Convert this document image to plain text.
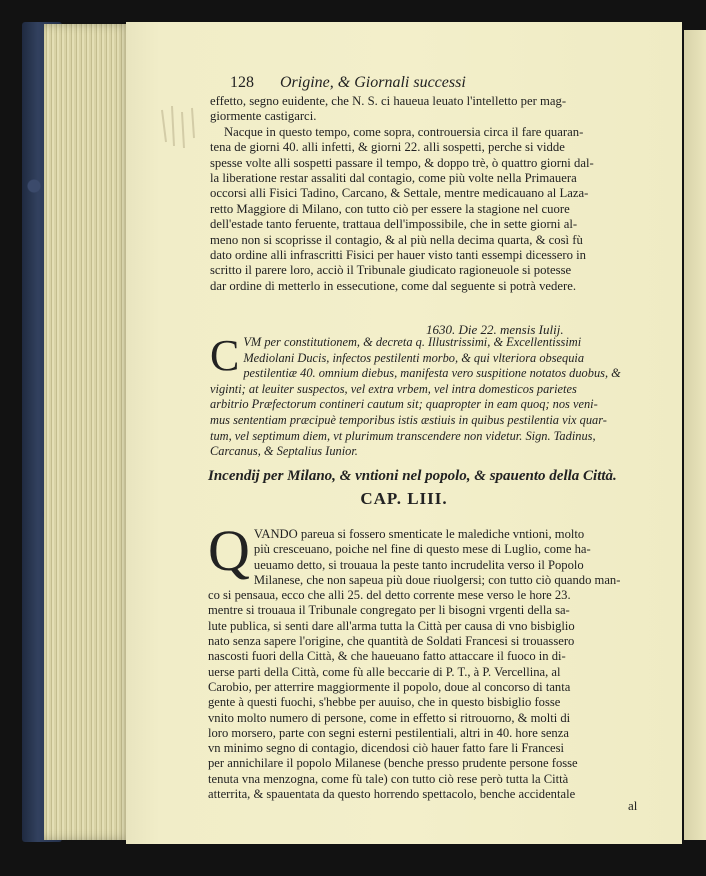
128 Origine, & Giornali successi
effetto, segno euidente, che N. S. ci haueua leuato l'intelletto per mag-
giormente castigarci.
Nacque in questo tempo, come sopra, controuersia circa il fare quaran-
tena de giorni 40. alli infetti, & giorni 22. alli sospetti, perche si vidde
spesse volte alli sospetti passare il tempo, & doppo trè, ò quattro giorni dal-
la liberatione restar assaliti dal contagio, come più volte nella Primauera
occorsi alli Fisici Tadino, Carcano, & Settale, mentre medicauano al Laza-
retto Maggiore di Milano, con tutto ciò per essere la stagione nel cuore
dell'estade tanto feruente, trattaua dell'impossibile, che in sette giorni al-
meno non si scoprisse il contagio, & al più nella decima quarta, & così fù
dato ordine alli infrascritti Fisici per hauer visto tanti essempi dicessero in
scritto il parere loro, acciò il Tribunale giudicato ragioneuole si potesse
dar ordine di metterlo in essecutione, come dal seguente si potrà vedere.
1630. Die 22. mensis Iulij.
C VM per constitutionem, & decreta q. Illustrissimi, & Excellentissimi
Mediolani Ducis, infectos pestilenti morbo, & qui vlteriora obsequia
pestilentiæ 40. omnium diebus, manifesta vero suspitione notatos duobus, &
viginti; at leuiter suspectos, vel extra vrbem, vel intra domesticos parietes
arbitrio Præfectorum contineri cautum sit; quapropter in eam quoq; nos veni-
mus sententiam præcipuè temporibus istis æstiuis in quibus pestilentia vix quar-
tum, vel septimum diem, vt plurimum transcendere non videtur. Sign. Tadinus,
Carcanus, & Septalius Iunior.
Incendij per Milano, & vntioni nel popolo, & spauento della Città.
CAP. LIII.
Q VANDO pareua si fossero smenticate le malediche vntioni, molto
più cresceuano, poiche nel fine di questo mese di Luglio, come ha-
ueuamo detto, si trouaua la peste tanto incrudelita verso il Popolo
Milanese, che non sapeua più doue riuolgersi; con tutto ciò quando man-
co si pensaua, ecco che alli 25. del detto corrente mese verso le hore 23.
mentre si trouaua il Tribunale congregato per li bisogni vrgenti della sa-
lute publica, si senti dare all'arma tutta la Città per causa di vno bisbiglio
nato senza sapere l'origine, che quantità de Soldati Francesi si trouassero
nascosti fuori della Città, & che haueuano fatto attaccare il fuoco in di-
uerse parti della Città, come fù alle beccarie di P. T., à P. Vercellina, al
Carobio, per atterrire maggiormente il popolo, doue al concorso di tanta
gente à questi fuochi, s'hebbe per auuiso, che in questo bisbiglio fosse
vnito molto numero di persone, come in effetto si ritrouorno, & molti di
loro morsero, parte con segni esterni pestilentiali, altri in 40. hore senza
vn minimo segno di contagio, dicendosi ciò hauer fatto fare li Francesi
per annichilare il popolo Milanese (benche presso prudente persone fosse
tenuta vna menzogna, come fù tale) con tutto ciò rese però tutta la Città
atterrita, & spauentata da questo horrendo spettacolo, benche accidentale
al
